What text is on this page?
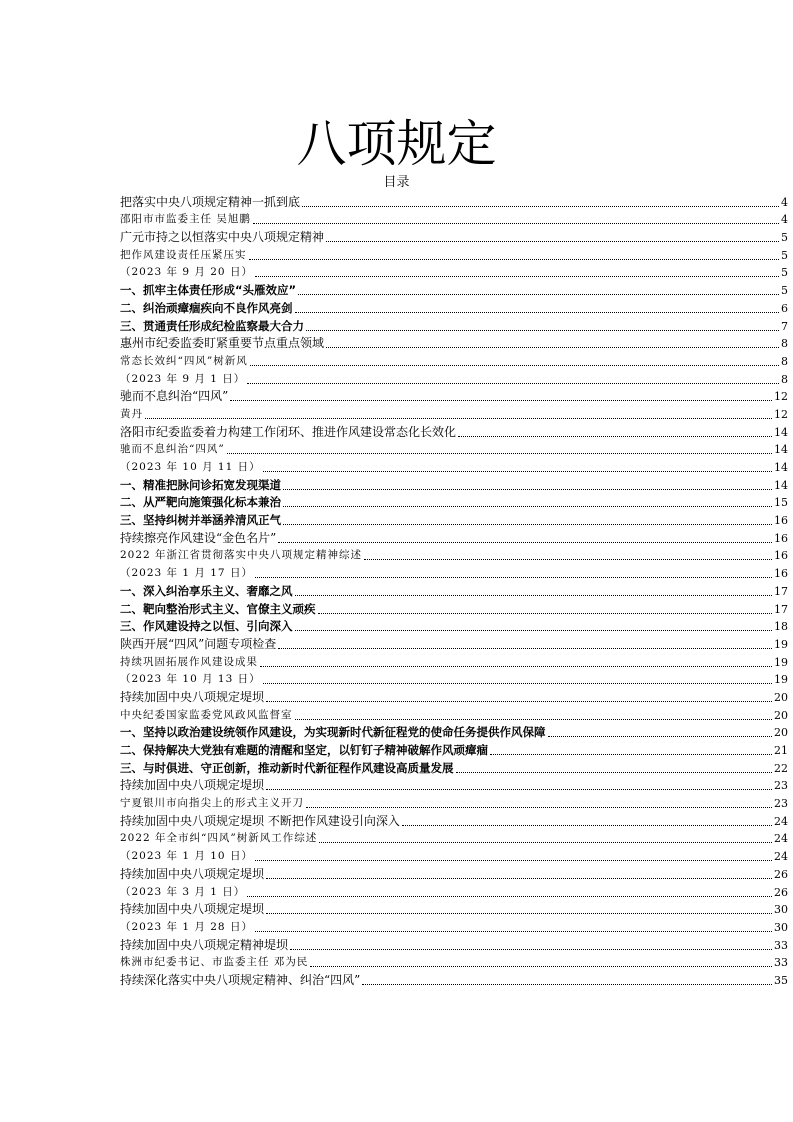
八项规定
目录
把落实中央八项规定精神一抓到底	4
邵阳市市监委主任 吴旭鹏	4
广元市持之以恒落实中央八项规定精神	5
把作风建设责任压紧压实	5
（2023 年 9 月 20 日）	5
一、抓牢主体责任形成“头雁效应”	5
二、纠治顽瘴痼疾向不良作风亮剑	6
三、贯通责任形成纪检监察最大合力	7
惠州市纪委监委盯紧重要节点重点领域	8
常态长效纠“四风”树新风	8
（2023 年 9 月 1 日）	8
驰而不息纠治“四风”	12
黄丹	12
洛阳市纪委监委着力构建工作闭环、推进作风建设常态化长效化	14
驰而不息纠治“四风”	14
（2023 年 10 月 11 日）	14
一、精准把脉问诊拓宽发现渠道	14
二、从严靶向施策强化标本兼治	15
三、坚持纠树并举涵养清风正气	16
持续擦亮作风建设“金色名片”	16
2022 年浙江省贯彻落实中央八项规定精神综述	16
（2023 年 1 月 17 日）	16
一、深入纠治享乐主义、奢靡之风	17
二、靶向整治形式主义、官僚主义顽疾	17
三、作风建设持之以恒、引向深入	18
陕西开展“四风”问题专项检查	19
持续巩固拓展作风建设成果	19
（2023 年 10 月 13 日）	19
持续加固中央八项规定堤坝	20
中央纪委国家监委党风政风监督室	20
一、坚持以政治建设统领作风建设，为实现新时代新征程党的使命任务提供作风保障	20
二、保持解决大党独有难题的清醒和坚定，以钉钉子精神破解作风顽瘴痼	21
三、与时俱进、守正创新，推动新时代新征程作风建设高质量发展	22
持续加固中央八项规定堤坝	23
宁夏银川市向指尖上的形式主义开刀	23
持续加固中央八项规定堤坝 不断把作风建设引向深入	24
2022 年全市纠“四风”树新风工作综述	24
（2023 年 1 月 10 日）	24
持续加固中央八项规定堤坝	26
（2023 年 3 月 1 日）	26
持续加固中央八项规定堤坝	30
（2023 年 1 月 28 日）	30
持续加固中央八项规定精神堤坝	33
株洲市纪委书记、市监委主任 邓为民	33
持续深化落实中央八项规定精神、纠治“四风”	35
